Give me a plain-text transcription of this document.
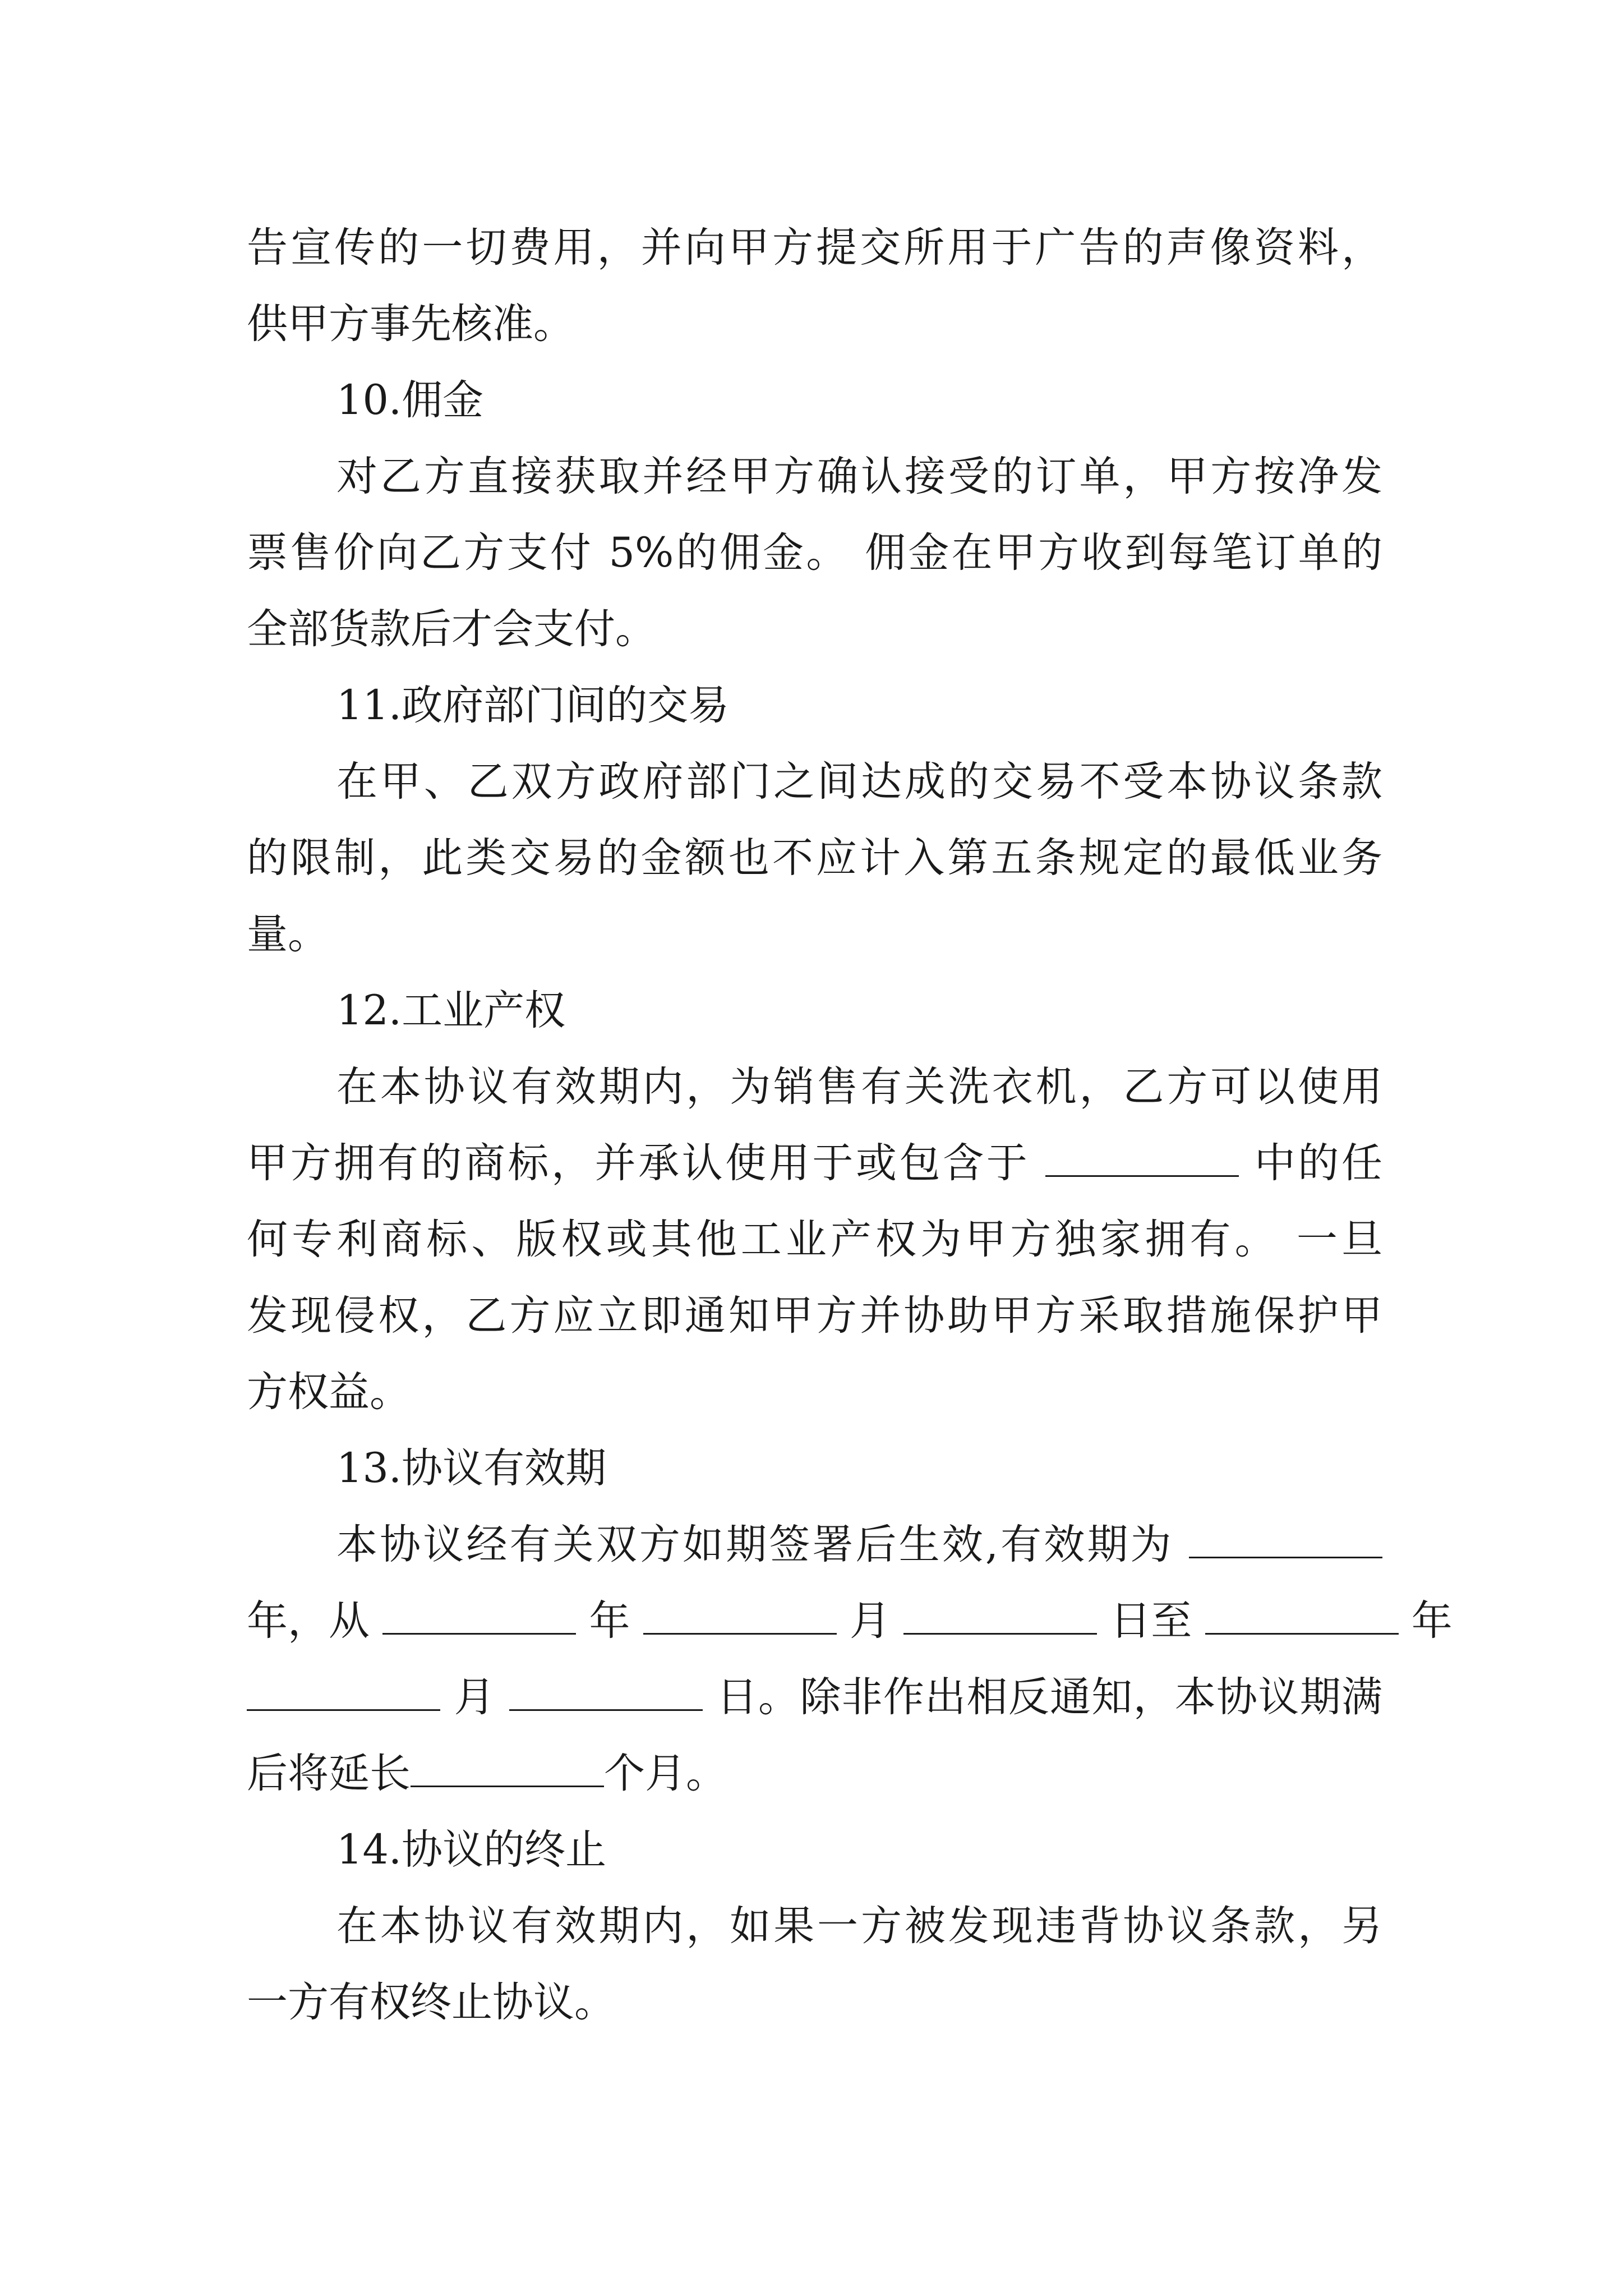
告宣传的一切费用，并向甲方提交所用于广告的声像资料，
供甲方事先核准。
10.佣金
对乙方直接获取并经甲方确认接受的订单，甲方按净发
票售价向乙方支付 5%的佣金。 佣金在甲方收到每笔订单的
全部货款后才会支付。
11.政府部门间的交易
在甲、乙双方政府部门之间达成的交易不受本协议条款
的限制，此类交易的金额也不应计入第五条规定的最低业务
量。
12.工业产权
在本协议有效期内，为销售有关洗衣机，乙方可以使用
甲方拥有的商标，并承认使用于或包含于	中的任
何专利商标、版权或其他工业产权为甲方独家拥有。 一旦
发现侵权，乙方应立即通知甲方并协助甲方采取措施保护甲
方权益。
13.协议有效期
本协议经有关双方如期签署后生效,有效期为
年，从	年	月	日至	年
月	日。除非作出相反通知，本协议期满
后将延长	个月。
14.协议的终止
在本协议有效期内，如果一方被发现违背协议条款，另
一方有权终止协议。
